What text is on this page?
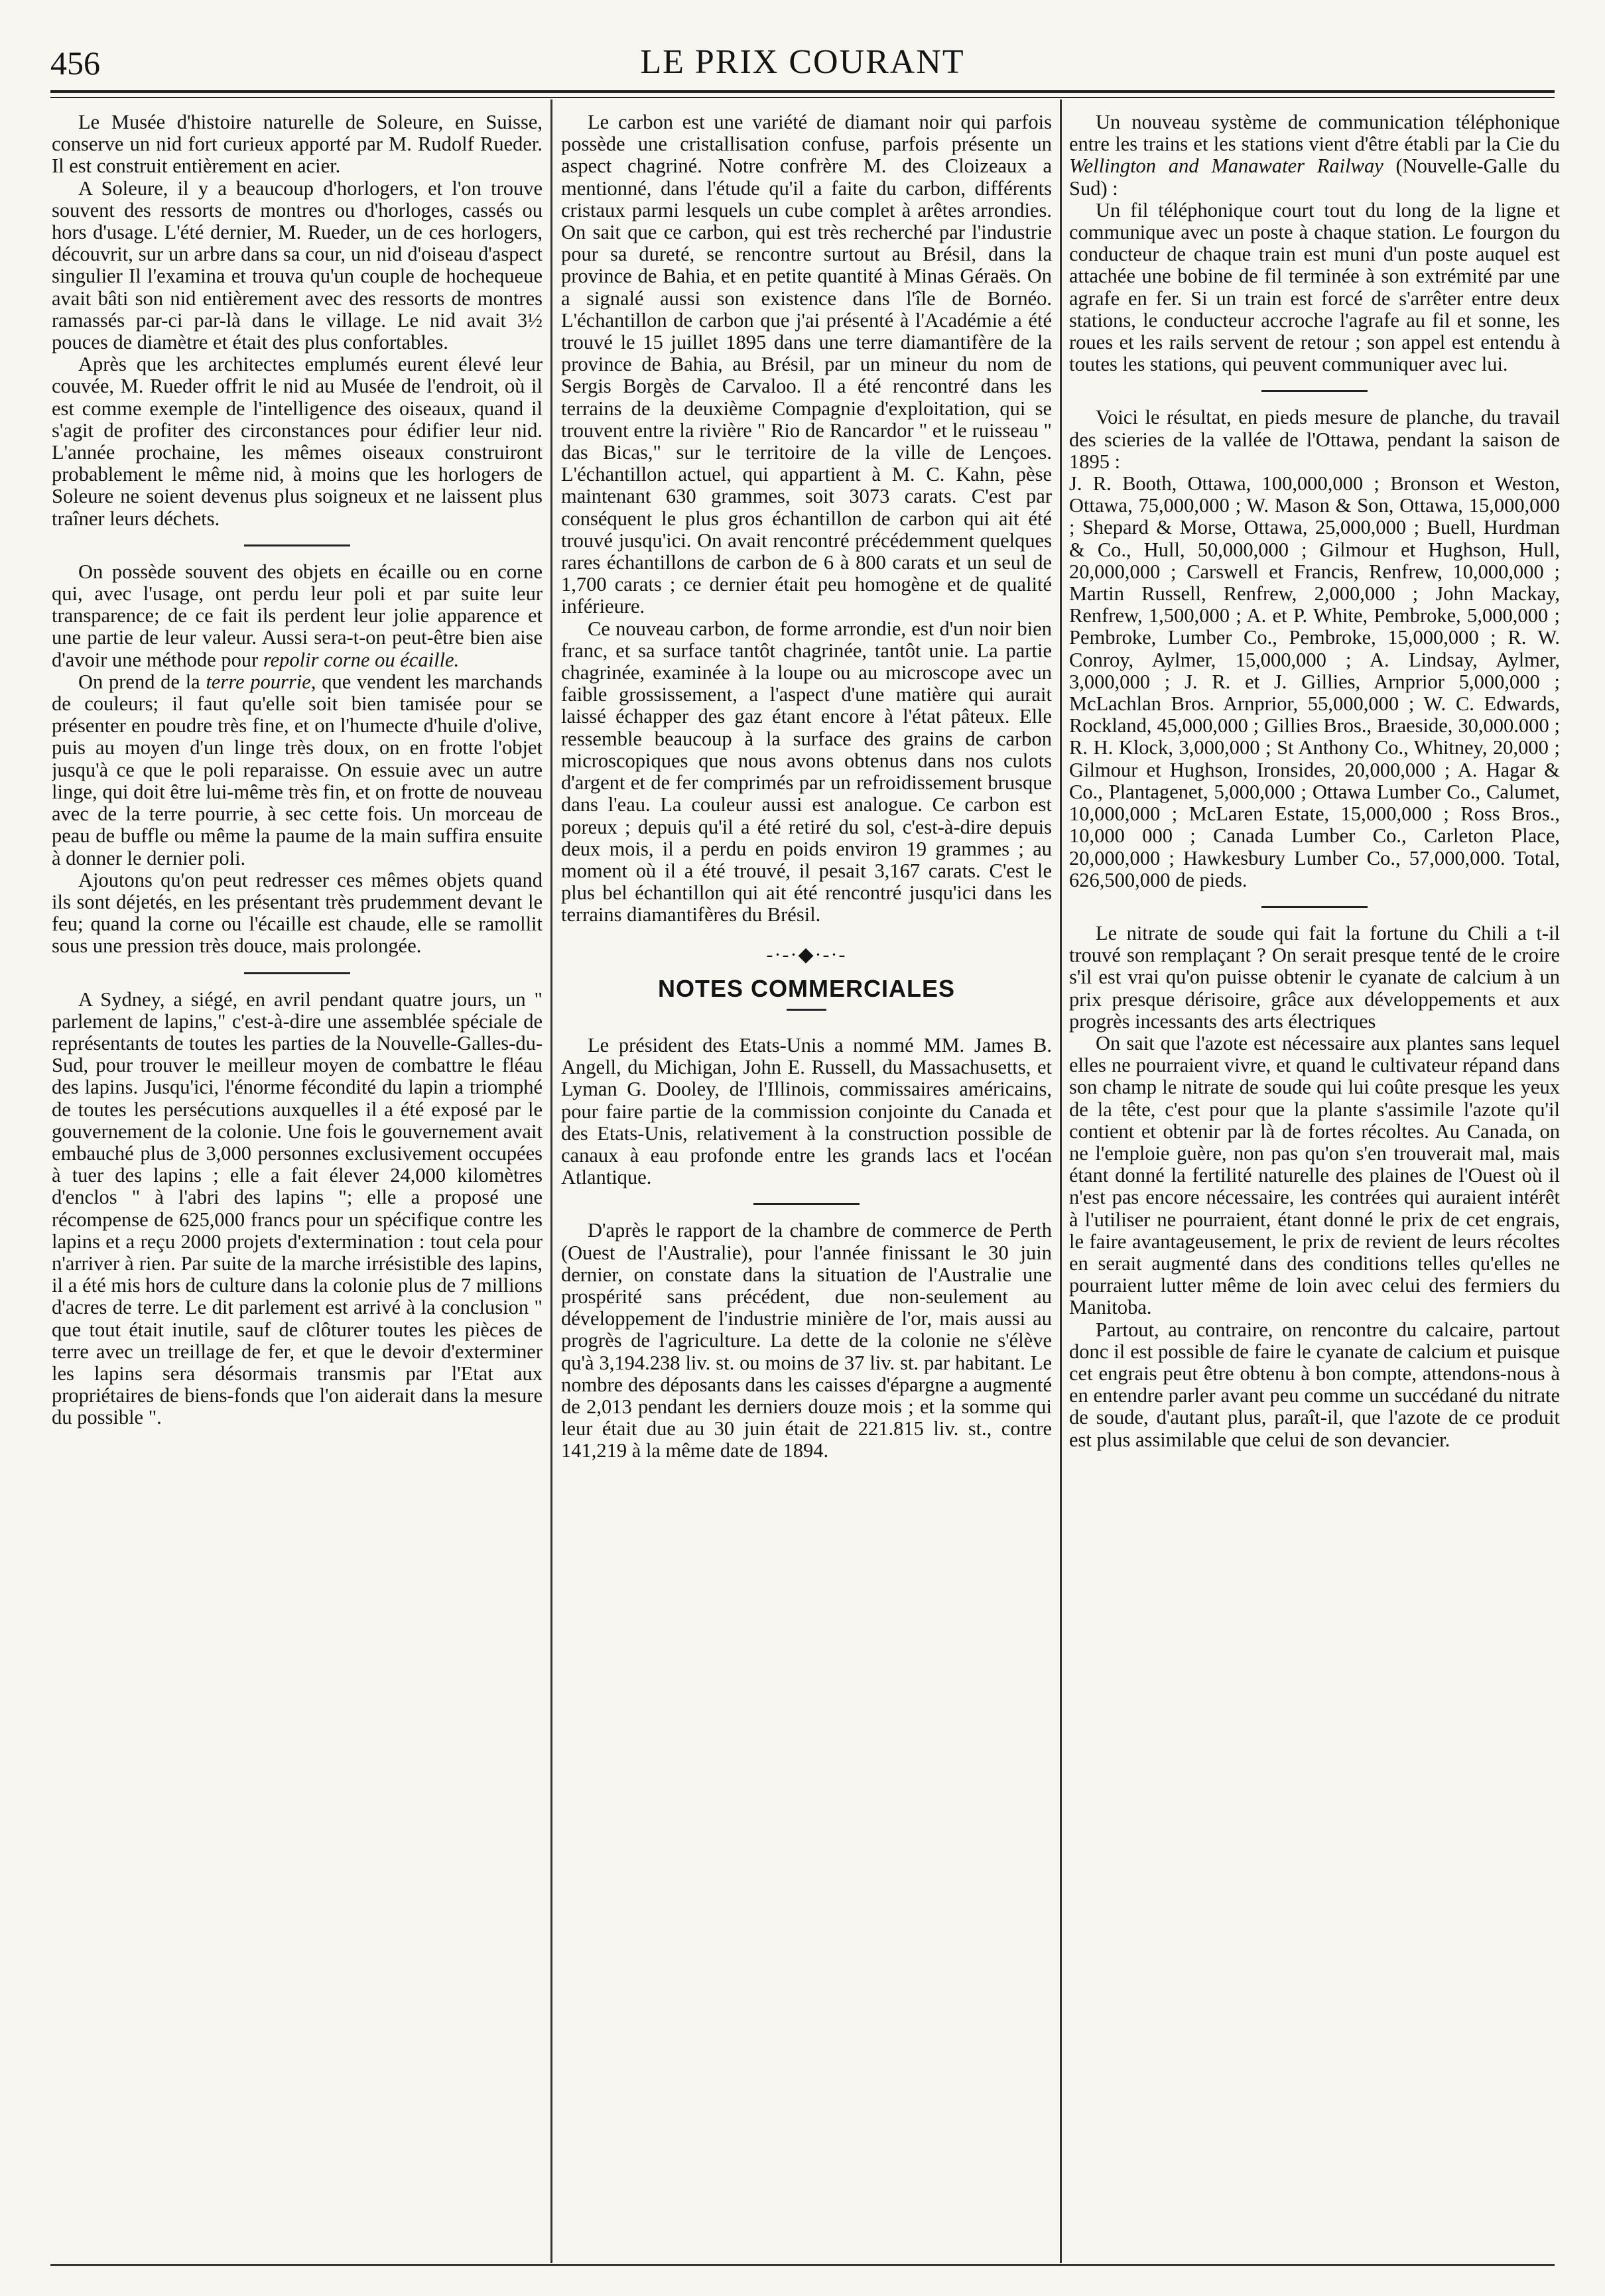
456	LE PRIX COURANT

Le Musée d'histoire naturelle de Soleure, en Suisse, conserve un nid fort curieux apporté par M. Rudolf Rueder. Il est construit entièrement en acier.

A Soleure, il y a beaucoup d'horlogers, et l'on trouve souvent des ressorts de montres ou d'horloges, cassés ou hors d'usage. L'été dernier, M. Rueder, un de ces horlogers, découvrit, sur un arbre dans sa cour, un nid d'oiseau d'aspect singulier Il l'examina et trouva qu'un couple de hochequeue avait bâti son nid entièrement avec des ressorts de montres ramassés par-ci par-là dans le village. Le nid avait 3½ pouces de diamètre et était des plus confortables.

Après que les architectes emplumés eurent élevé leur couvée, M. Rueder offrit le nid au Musée de l'endroit, où il est comme exemple de l'intelligence des oiseaux, quand il s'agit de profiter des circonstances pour édifier leur nid. L'année prochaine, les mêmes oiseaux construiront probablement le même nid, à moins que les horlogers de Soleure ne soient devenus plus soigneux et ne laissent plus traîner leurs déchets.

On possède souvent des objets en écaille ou en corne qui, avec l'usage, ont perdu leur poli et par suite leur transparence; de ce fait ils perdent leur jolie apparence et une partie de leur valeur. Aussi sera-t-on peut-être bien aise d'avoir une méthode pour repolir corne ou écaille.

On prend de la terre pourrie, que vendent les marchands de couleurs; il faut qu'elle soit bien tamisée pour se présenter en poudre très fine, et on l'humecte d'huile d'olive, puis au moyen d'un linge très doux, on en frotte l'objet jusqu'à ce que le poli reparaisse. On essuie avec un autre linge, qui doit être lui-même très fin, et on frotte de nouveau avec de la terre pourrie, à sec cette fois. Un morceau de peau de buffle ou même la paume de la main suffira ensuite à donner le dernier poli.

Ajoutons qu'on peut redresser ces mêmes objets quand ils sont déjetés, en les présentant très prudemment devant le feu; quand la corne ou l'écaille est chaude, elle se ramollit sous une pression très douce, mais prolongée.

A Sydney, a siégé, en avril pendant quatre jours, un " parlement de lapins," c'est-à-dire une assemblée spéciale de représentants de toutes les parties de la Nouvelle-Galles-du-Sud, pour trouver le meilleur moyen de combattre le fléau des lapins. Jusqu'ici, l'énorme fécondité du lapin a triomphé de toutes les persécutions auxquelles il a été exposé par le gouvernement de la colonie. Une fois le gouvernement avait embauché plus de 3,000 personnes exclusivement occupées à tuer des lapins ; elle a fait élever 24,000 kilomètres d'enclos " à l'abri des lapins "; elle a proposé une récompense de 625,000 francs pour un spécifique contre les lapins et a reçu 2000 projets d'extermination : tout cela pour n'arriver à rien. Par suite de la marche irrésistible des lapins, il a été mis hors de culture dans la colonie plus de 7 millions d'acres de terre. Le dit parlement est arrivé à la conclusion " que tout était inutile, sauf de clôturer toutes les pièces de terre avec un treillage de fer, et que le devoir d'exterminer les lapins sera désormais transmis par l'Etat aux propriétaires de biens-fonds que l'on aiderait dans la mesure du possible ".

Le carbon est une variété de diamant noir qui parfois possède une cristallisation confuse, parfois présente un aspect chagriné. Notre confrère M. des Cloizeaux a mentionné, dans l'étude qu'il a faite du carbon, différents cristaux parmi lesquels un cube complet à arêtes arrondies. On sait que ce carbon, qui est très recherché par l'industrie pour sa dureté, se rencontre surtout au Brésil, dans la province de Bahia, et en petite quantité à Minas Géraës. On a signalé aussi son existence dans l'île de Bornéo. L'échantillon de carbon que j'ai présenté à l'Académie a été trouvé le 15 juillet 1895 dans une terre diamantifère de la province de Bahia, au Brésil, par un mineur du nom de Sergis Borgès de Carvaloo. Il a été rencontré dans les terrains de la deuxième Compagnie d'exploitation, qui se trouvent entre la rivière " Rio de Rancardor " et le ruisseau " das Bicas," sur le territoire de la ville de Lençoes. L'échantillon actuel, qui appartient à M. C. Kahn, pèse maintenant 630 grammes, soit 3073 carats. C'est par conséquent le plus gros échantillon de carbon qui ait été trouvé jusqu'ici. On avait rencontré précédemment quelques rares échantillons de carbon de 6 à 800 carats et un seul de 1,700 carats ; ce dernier était peu homogène et de qualité inférieure.

Ce nouveau carbon, de forme arrondie, est d'un noir bien franc, et sa surface tantôt chagrinée, tantôt unie. La partie chagrinée, examinée à la loupe ou au microscope avec un faible grossissement, a l'aspect d'une matière qui aurait laissé échapper des gaz étant encore à l'état pâteux. Elle ressemble beaucoup à la surface des grains de carbon microscopiques que nous avons obtenus dans nos culots d'argent et de fer comprimés par un refroidissement brusque dans l'eau. La couleur aussi est analogue. Ce carbon est poreux ; depuis qu'il a été retiré du sol, c'est-à-dire depuis deux mois, il a perdu en poids environ 19 grammes ; au moment où il a été trouvé, il pesait 3,167 carats. C'est le plus bel échantillon qui ait été rencontré jusqu'ici dans les terrains diamantifères du Brésil.

-·-·◆·-·-
NOTES COMMERCIALES

Le président des Etats-Unis a nommé MM. James B. Angell, du Michigan, John E. Russell, du Massachusetts, et Lyman G. Dooley, de l'Illinois, commissaires américains, pour faire partie de la commission conjointe du Canada et des Etats-Unis, relativement à la construction possible de canaux à eau profonde entre les grands lacs et l'océan Atlantique.

D'après le rapport de la chambre de commerce de Perth (Ouest de l'Australie), pour l'année finissant le 30 juin dernier, on constate dans la situation de l'Australie une prospérité sans précédent, due non-seulement au développement de l'industrie minière de l'or, mais aussi au progrès de l'agriculture. La dette de la colonie ne s'élève qu'à 3,194.238 liv. st. ou moins de 37 liv. st. par habitant. Le nombre des déposants dans les caisses d'épargne a augmenté de 2,013 pendant les derniers douze mois ; et la somme qui leur était due au 30 juin était de 221.815 liv. st., contre 141,219 à la même date de 1894.

Un nouveau système de communication téléphonique entre les trains et les stations vient d'être établi par la Cie du Wellington and Manawater Railway (Nouvelle-Galle du Sud) :

Un fil téléphonique court tout du long de la ligne et communique avec un poste à chaque station. Le fourgon du conducteur de chaque train est muni d'un poste auquel est attachée une bobine de fil terminée à son extrémité par une agrafe en fer. Si un train est forcé de s'arrêter entre deux stations, le conducteur accroche l'agrafe au fil et sonne, les roues et les rails servent de retour ; son appel est entendu à toutes les stations, qui peuvent communiquer avec lui.

Voici le résultat, en pieds mesure de planche, du travail des scieries de la vallée de l'Ottawa, pendant la saison de 1895 :

J. R. Booth, Ottawa, 100,000,000 ; Bronson et Weston, Ottawa, 75,000,000 ; W. Mason & Son, Ottawa, 15,000,000 ; Shepard & Morse, Ottawa, 25,000,000 ; Buell, Hurdman & Co., Hull, 50,000,000 ; Gilmour et Hughson, Hull, 20,000,000 ; Carswell et Francis, Renfrew, 10,000,000 ; Martin Russell, Renfrew, 2,000,000 ; John Mackay, Renfrew, 1,500,000 ; A. et P. White, Pembroke, 5,000,000 ; Pembroke, Lumber Co., Pembroke, 15,000,000 ; R. W. Conroy, Aylmer, 15,000,000 ; A. Lindsay, Aylmer, 3,000,000 ; J. R. et J. Gillies, Arnprior 5,000,000 ; McLachlan Bros. Arnprior, 55,000,000 ; W. C. Edwards, Rockland, 45,000,000 ; Gillies Bros., Braeside, 30,000.000 ; R. H. Klock, 3,000,000 ; St Anthony Co., Whitney, 20,000 ; Gilmour et Hughson, Ironsides, 20,000,000 ; A. Hagar & Co., Plantagenet, 5,000,000 ; Ottawa Lumber Co., Calumet, 10,000,000 ; McLaren Estate, 15,000,000 ; Ross Bros., 10,000 000 ; Canada Lumber Co., Carleton Place, 20,000,000 ; Hawkesbury Lumber Co., 57,000,000. Total, 626,500,000 de pieds.

Le nitrate de soude qui fait la fortune du Chili a t-il trouvé son remplaçant ? On serait presque tenté de le croire s'il est vrai qu'on puisse obtenir le cyanate de calcium à un prix presque dérisoire, grâce aux développements et aux progrès incessants des arts électriques

On sait que l'azote est nécessaire aux plantes sans lequel elles ne pourraient vivre, et quand le cultivateur répand dans son champ le nitrate de soude qui lui coûte presque les yeux de la tête, c'est pour que la plante s'assimile l'azote qu'il contient et obtenir par là de fortes récoltes. Au Canada, on ne l'emploie guère, non pas qu'on s'en trouverait mal, mais étant donné la fertilité naturelle des plaines de l'Ouest où il n'est pas encore nécessaire, les contrées qui auraient intérêt à l'utiliser ne pourraient, étant donné le prix de cet engrais, le faire avantageusement, le prix de revient de leurs récoltes en serait augmenté dans des conditions telles qu'elles ne pourraient lutter même de loin avec celui des fermiers du Manitoba.

Partout, au contraire, on rencontre du calcaire, partout donc il est possible de faire le cyanate de calcium et puisque cet engrais peut être obtenu à bon compte, attendons-nous à en entendre parler avant peu comme un succédané du nitrate de soude, d'autant plus, paraît-il, que l'azote de ce produit est plus assimilable que celui de son devancier.
